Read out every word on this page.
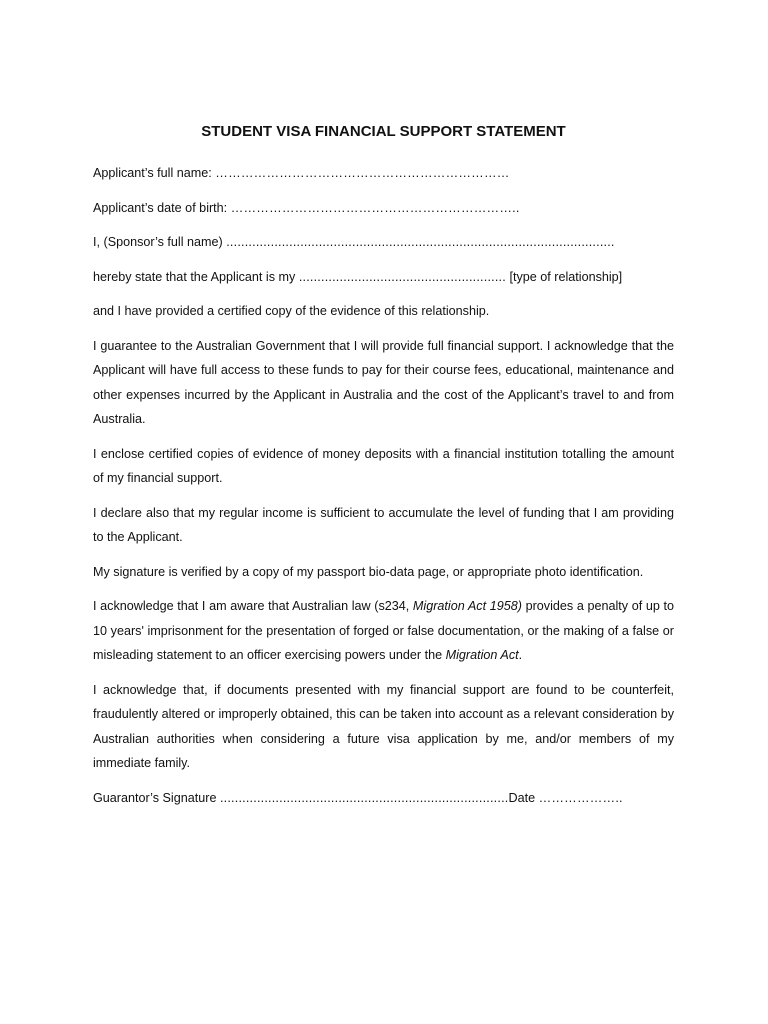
STUDENT VISA FINANCIAL SUPPORT STATEMENT
Applicant’s full name: ……………………………………………………………
Applicant’s date of birth: …………………………………………………………..
I, (Sponsor’s full name) .........................................................................................................
hereby state that the Applicant is my ........................................................ [type of relationship]

and I have provided a certified copy of the evidence of this relationship.

I guarantee to the Australian Government that I will provide full financial support. I acknowledge that the Applicant will have full access to these funds to pay for their course fees, educational, maintenance and other expenses incurred by the Applicant in Australia and the cost of the Applicant’s travel to and from Australia.

I enclose certified copies of evidence of money deposits with a financial institution totalling the amount of my financial support.

I declare also that my regular income is sufficient to accumulate the level of funding that I am providing to the Applicant.

My signature is verified by a copy of my passport bio-data page, or appropriate photo identification.

I acknowledge that I am aware that Australian law (s234, Migration Act 1958) provides a penalty of up to 10 years' imprisonment for the presentation of forged or false documentation, or the making of a false or misleading statement to an officer exercising powers under the Migration Act.

I acknowledge that, if documents presented with my financial support are found to be counterfeit, fraudulently altered or improperly obtained, this can be taken into account as a relevant consideration by Australian authorities when considering a future visa application by me, and/or members of my immediate family.

Guarantor’s Signature ..............................................................................Date ………………..
